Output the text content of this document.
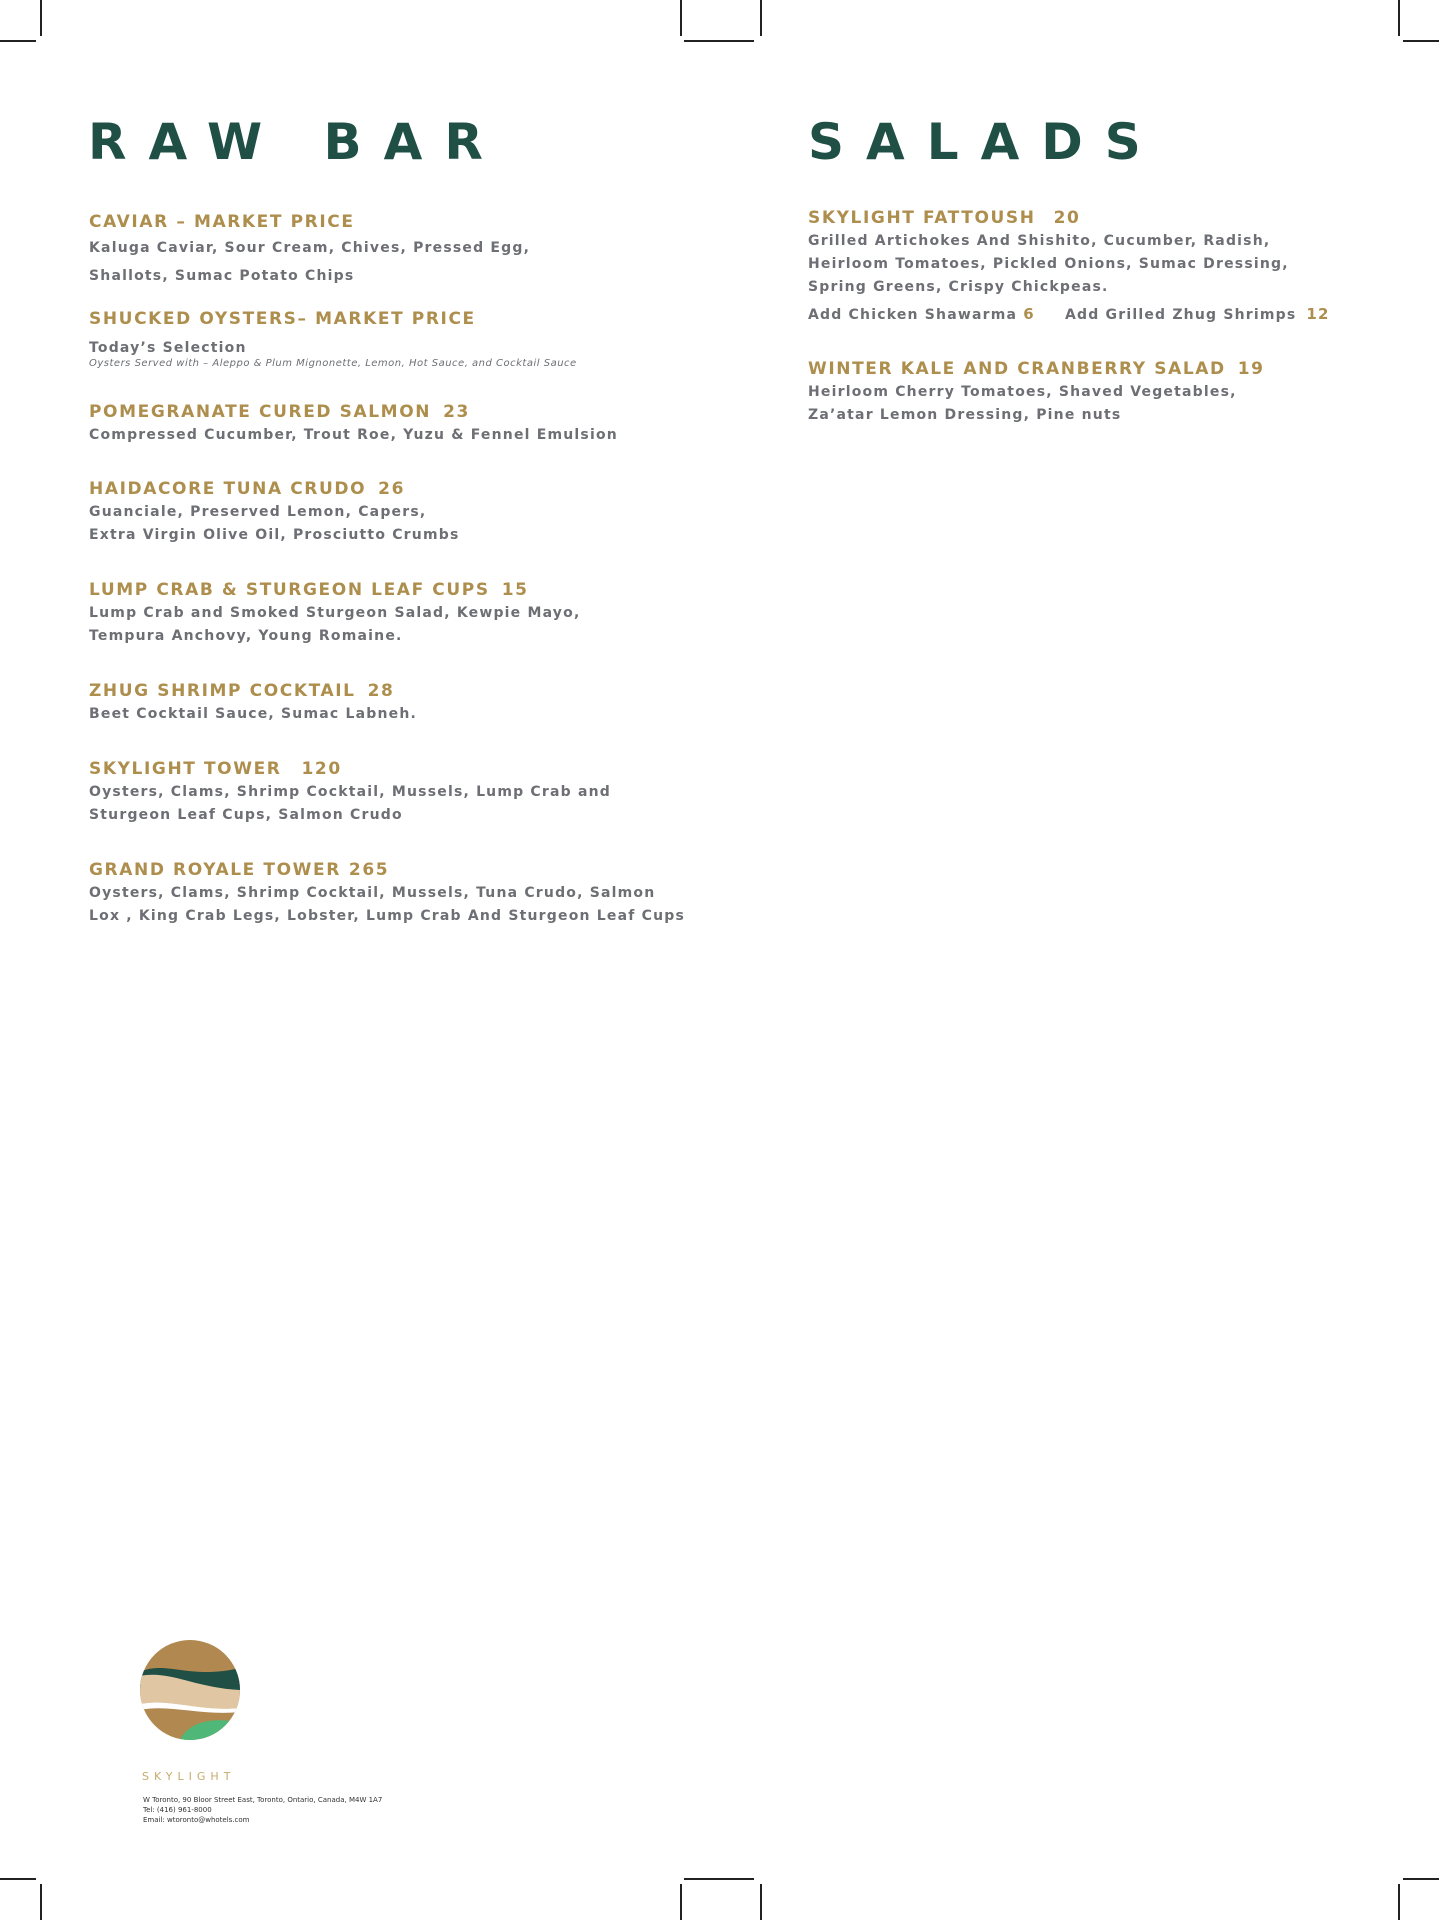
RAW BAR

CAVIAR – MARKET PRICE

Kaluga Caviar, Sour Cream, Chives, Pressed Egg,
Shallots, Sumac Potato Chips

SHUCKED OYSTERS– MARKET PRICE

Today’s Selection

Oysters Served with – Aleppo & Plum Mignonette, Lemon, Hot Sauce, and Cocktail Sauce

POMEGRANATE CURED SALMON 23

Compressed Cucumber, Trout Roe, Yuzu & Fennel Emulsion

HAIDACORE TUNA CRUDO 26

Guanciale, Preserved Lemon, Capers,
Extra Virgin Olive Oil, Prosciutto Crumbs

LUMP CRAB & STURGEON LEAF CUPS 15

Lump Crab and Smoked Sturgeon Salad, Kewpie Mayo,
Tempura Anchovy, Young Romaine.

ZHUG SHRIMP COCKTAIL 28

Beet Cocktail Sauce, Sumac Labneh.

SKYLIGHT TOWER 120

Oysters, Clams, Shrimp Cocktail, Mussels, Lump Crab and
Sturgeon Leaf Cups, Salmon Crudo

GRAND ROYALE TOWER 265

Oysters, Clams, Shrimp Cocktail, Mussels, Tuna Crudo, Salmon
Lox , King Crab Legs, Lobster, Lump Crab And Sturgeon Leaf Cups

SALADS

SKYLIGHT FATTOUSH 20

Grilled Artichokes And Shishito, Cucumber, Radish,
Heirloom Tomatoes, Pickled Onions, Sumac Dressing,
Spring Greens, Crispy Chickpeas.

Add Chicken Shawarma 6 Add Grilled Zhug Shrimps 12

WINTER KALE AND CRANBERRY SALAD 19

Heirloom Cherry Tomatoes, Shaved Vegetables,
Za’atar Lemon Dressing, Pine nuts

SKYLIGHT
W Toronto, 90 Bloor Street East, Toronto, Ontario, Canada, M4W 1A7
Tel: (416) 961-8000
Email: wtoronto@whotels.com
